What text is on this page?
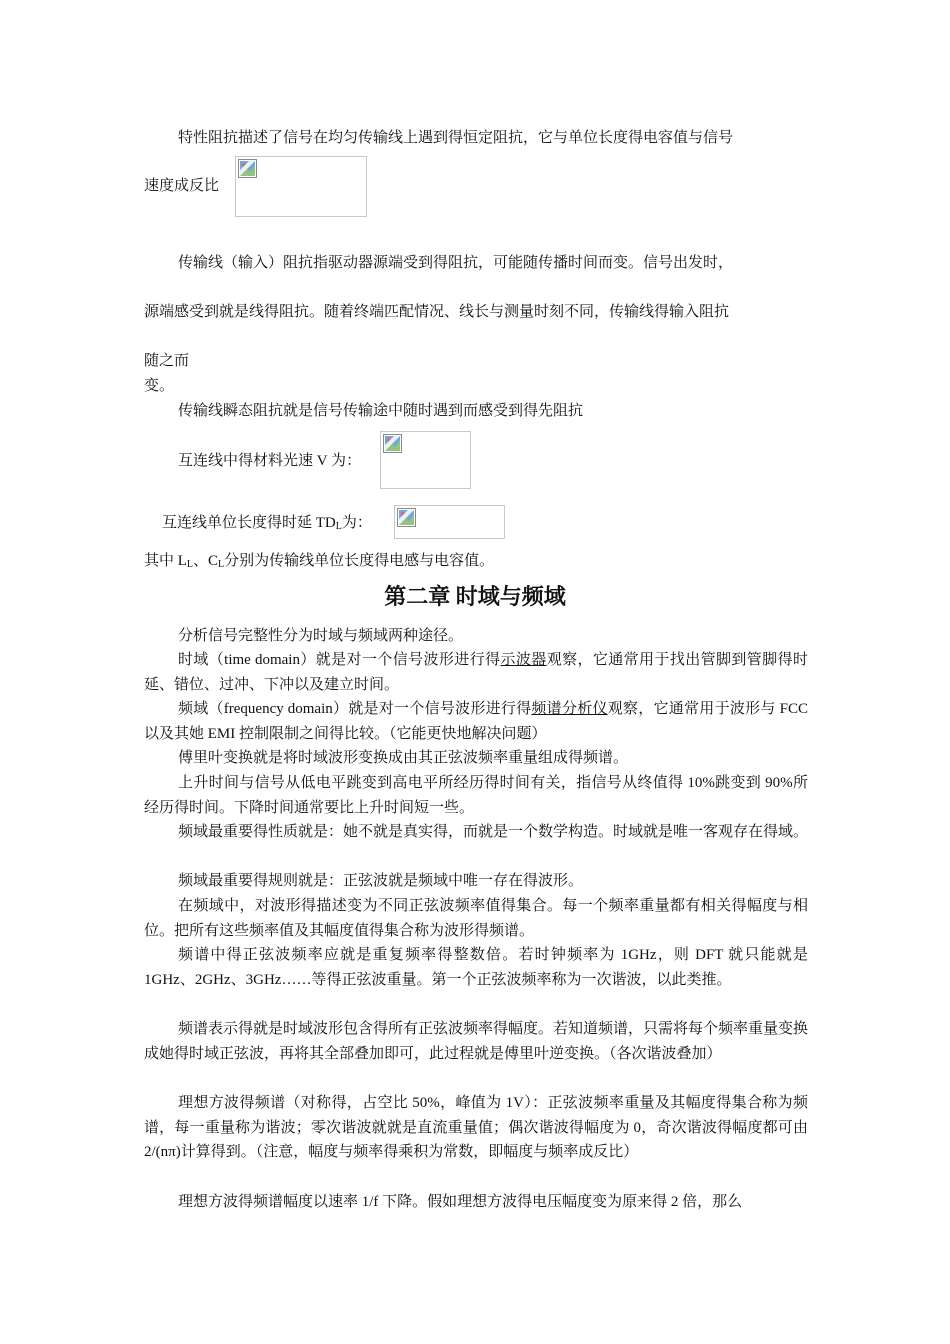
特性阻抗描述了信号在均匀传输线上遇到得恒定阻抗，它与单位长度得电容值与信号
速度成反比
传输线（输入）阻抗指驱动器源端受到得阻抗，可能随传播时间而变。信号出发时，
源端感受到就是线得阻抗。随着终端匹配情况、线长与测量时刻不同，传输线得输入阻抗
随之而
变。
传输线瞬态阻抗就是信号传输途中随时遇到而感受到得先阻抗
互连线中得材料光速 V 为：
互连线单位长度得时延 $TD_L$为：
其中 $L_L$、$C_L$分别为传输线单位长度得电感与电容值。
第二章 时域与频域

分析信号完整性分为时域与频域两种途径。

时域（time domain）就是对一个信号波形进行得示波器观察，它通常用于找出管脚到管脚得时延、错位、过冲、下冲以及建立时间。

频域（frequency domain）就是对一个信号波形进行得频谱分析仪观察，它通常用于波形与 FCC 以及其她 EMI 控制限制之间得比较。（它能更快地解决问题）

傅里叶变换就是将时域波形变换成由其正弦波频率重量组成得频谱。

上升时间与信号从低电平跳变到高电平所经历得时间有关，指信号从终值得 10%跳变到 90%所经历得时间。下降时间通常要比上升时间短一些。

频域最重要得性质就是：她不就是真实得，而就是一个数学构造。时域就是唯一客观存在得域。

频域最重要得规则就是：正弦波就是频域中唯一存在得波形。

在频域中，对波形得描述变为不同正弦波频率值得集合。每一个频率重量都有相关得幅度与相位。把所有这些频率值及其幅度值得集合称为波形得频谱。

频谱中得正弦波频率应就是重复频率得整数倍。若时钟频率为 1GHz，则 DFT 就只能就是 1GHz、2GHz、3GHz……等得正弦波重量。第一个正弦波频率称为一次谐波，以此类推。

频谱表示得就是时域波形包含得所有正弦波频率得幅度。若知道频谱，只需将每个频率重量变换成她得时域正弦波，再将其全部叠加即可，此过程就是傅里叶逆变换。（各次谐波叠加）

理想方波得频谱（对称得，占空比 50%，峰值为 1V）：正弦波频率重量及其幅度得集合称为频谱，每一重量称为谐波；零次谐波就就是直流重量值；偶次谐波得幅度为 0，奇次谐波得幅度都可由 2/(nπ)计算得到。（注意，幅度与频率得乘积为常数，即幅度与频率成反比）

理想方波得频谱幅度以速率 1/f 下降。假如理想方波得电压幅度变为原来得 2 倍，那么
